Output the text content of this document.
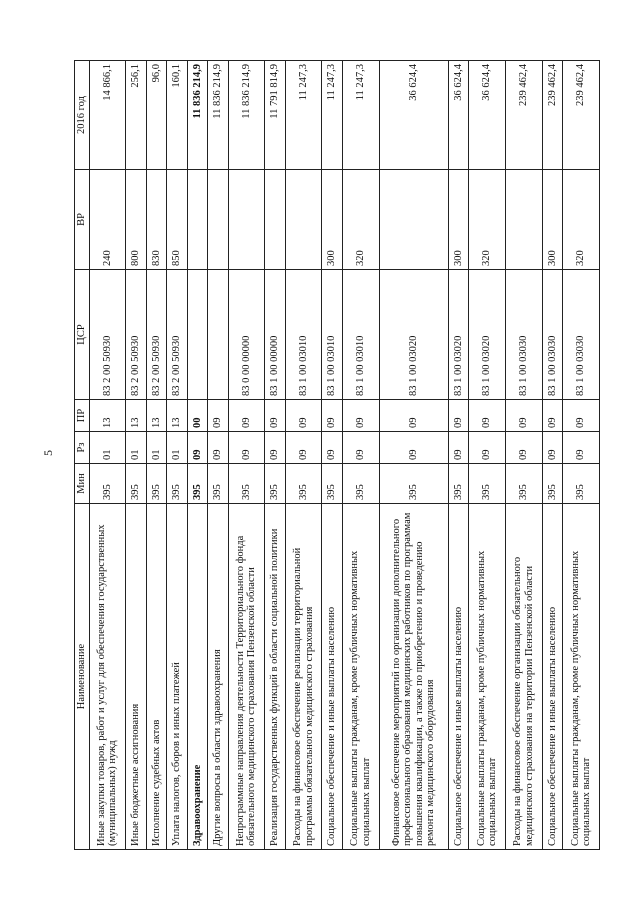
5
Наименование	Мин	Рз	ПР	ЦСР	ВР	2016 год
Иные закупки товаров, работ и услуг для обеспечения государственных (муниципальных) нужд	395	01	13	83 2 00 50930	240	14 866,1
Иные бюджетные ассигнования	395	01	13	83 2 00 50930	800	256,1
Исполнение судебных актов	395	01	13	83 2 00 50930	830	96,0
Уплата налогов, сборов и иных платежей	395	01	13	83 2 00 50930	850	160,1
Здравоохранение	395	09	00			11 836 214,9
Другие вопросы в области здравоохранения	395	09	09			11 836 214,9
Непрограммные направления деятельности Территориального фонда обязательного медицинского страхования Пензенской области	395	09	09	83 0 00 00000		11 836 214,9
Реализация государственных функций в области социальной политики	395	09	09	83 1 00 00000		11 791 814,9
Расходы на финансовое обеспечение реализации территориальной программы обязательного медицинского страхования	395	09	09	83 1 00 03010		11 247,3
Социальное обеспечение и иные выплаты населению	395	09	09	83 1 00 03010	300	11 247,3
Социальные выплаты гражданам, кроме публичных нормативных социальных выплат	395	09	09	83 1 00 03010	320	11 247,3
Финансовое обеспечение мероприятий по организации дополнительного профессионального образования медицинских работников по программам повышения квалификации, а также по приобретению и проведению ремонта медицинского оборудования	395	09	09	83 1 00 03020		36 624,4
Социальное обеспечение и иные выплаты населению	395	09	09	83 1 00 03020	300	36 624,4
Социальные выплаты гражданам, кроме публичных нормативных социальных выплат	395	09	09	83 1 00 03020	320	36 624,4
Расходы на финансовое обеспечение организации обязательного медицинского страхования на территории Пензенской области	395	09	09	83 1 00 03030		239 462,4
Социальное обеспечение и иные выплаты населению	395	09	09	83 1 00 03030	300	239 462,4
Социальные выплаты гражданам, кроме публичных нормативных социальных выплат	395	09	09	83 1 00 03030	320	239 462,4
